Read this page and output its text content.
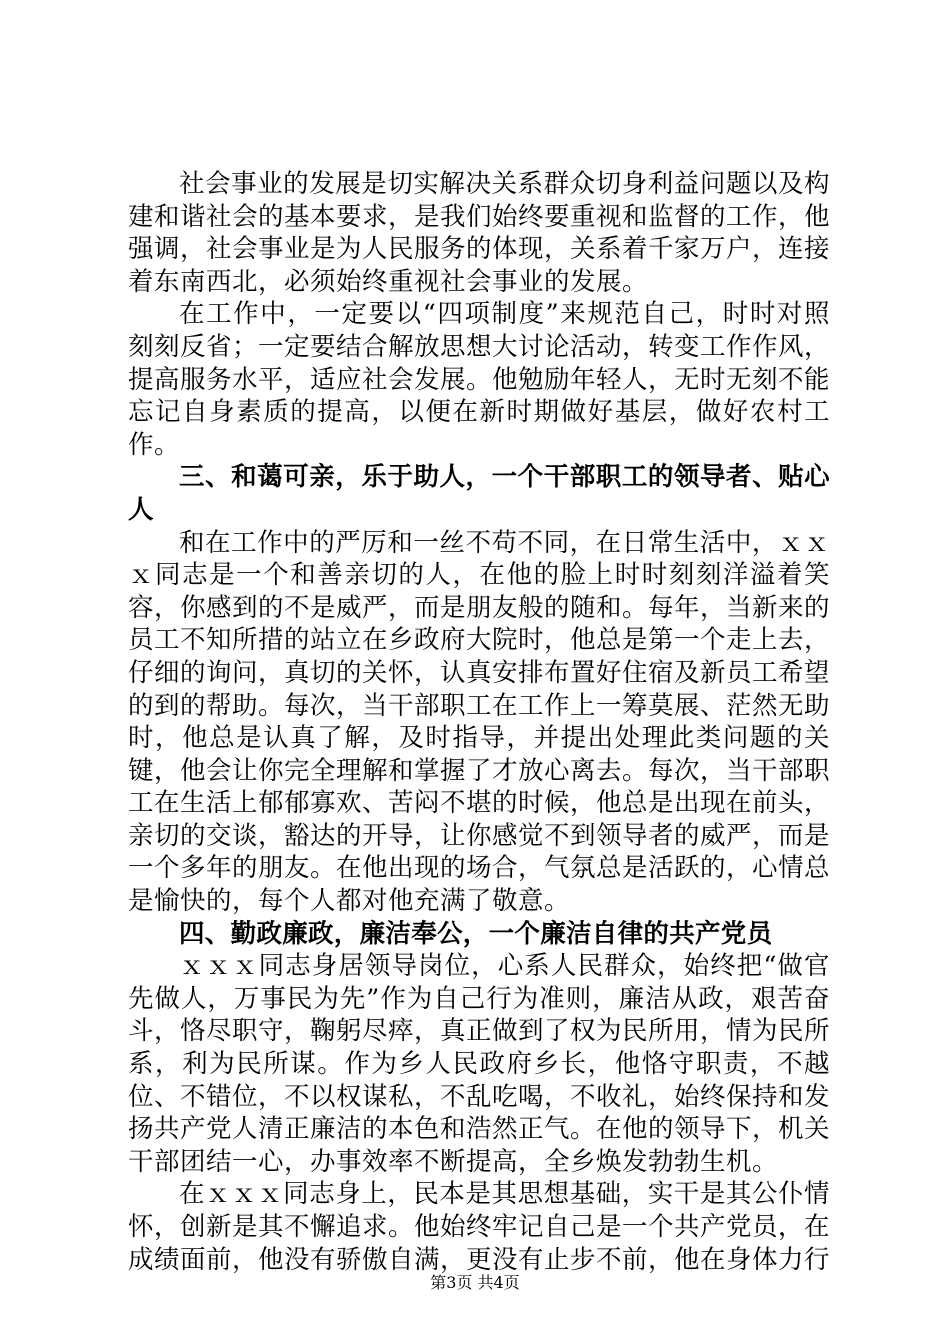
社会事业的发展是切实解决关系群众切身利益问题以及构建和谐社会的基本要求，是我们始终要重视和监督的工作，他强调，社会事业是为人民服务的体现，关系着千家万户，连接着东南西北，必须始终重视社会事业的发展。

在工作中，一定要以“四项制度”来规范自己，时时对照刻刻反省；一定要结合解放思想大讨论活动，转变工作作风，提高服务水平，适应社会发展。他勉励年轻人，无时无刻不能忘记自身素质的提高，以便在新时期做好基层，做好农村工作。

三、和蔼可亲，乐于助人，一个干部职工的领导者、贴心人

和在工作中的严厉和一丝不苟不同，在日常生活中，ｘｘｘ同志是一个和善亲切的人，在他的脸上时时刻刻洋溢着笑容，你感到的不是威严，而是朋友般的随和。每年，当新来的员工不知所措的站立在乡政府大院时，他总是第一个走上去，仔细的询问，真切的关怀，认真安排布置好住宿及新员工希望的到的帮助。每次，当干部职工在工作上一筹莫展、茫然无助时，他总是认真了解，及时指导，并提出处理此类问题的关键，他会让你完全理解和掌握了才放心离去。每次，当干部职工在生活上郁郁寡欢、苦闷不堪的时候，他总是出现在前头，亲切的交谈，豁达的开导，让你感觉不到领导者的威严，而是一个多年的朋友。在他出现的场合，气氛总是活跃的，心情总是愉快的，每个人都对他充满了敬意。

四、勤政廉政，廉洁奉公，一个廉洁自律的共产党员

ｘｘｘ同志身居领导岗位，心系人民群众，始终把“做官先做人，万事民为先”作为自己行为准则，廉洁从政，艰苦奋斗，恪尽职守，鞠躬尽瘁，真正做到了权为民所用，情为民所系，利为民所谋。作为乡人民政府乡长，他恪守职责，不越位、不错位，不以权谋私，不乱吃喝，不收礼，始终保持和发扬共产党人清正廉洁的本色和浩然正气。在他的领导下，机关干部团结一心，办事效率不断提高，全乡焕发勃勃生机。

在ｘｘｘ同志身上，民本是其思想基础，实干是其公仆情怀，创新是其不懈追求。他始终牢记自己是一个共产党员，在成绩面前，他没有骄傲自满，更没有止步不前，他在身体力行

第3页 共4页
